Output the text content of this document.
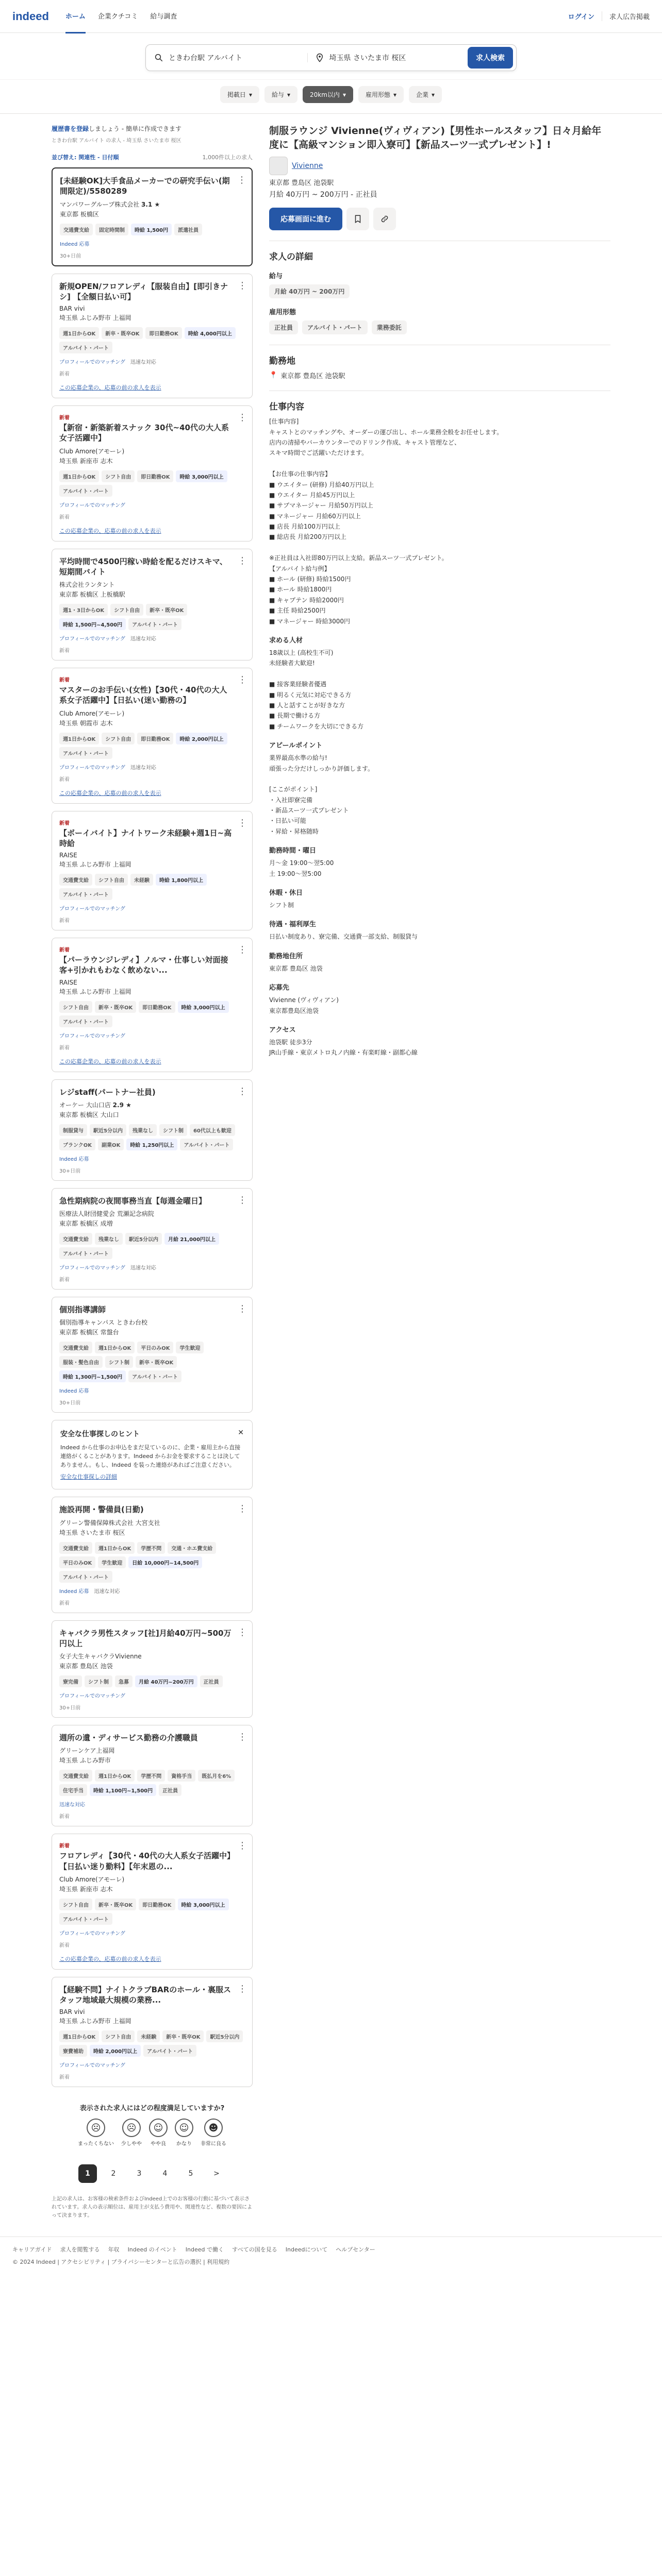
indeed ホーム 企業クチコミ 給与調査	ログイン	求人広告掲載
ときわ台駅 アルバイト
埼玉県 さいたま市 桜区
求人検索
掲載日 ▾	給与 ▾	20km以内 ▾	雇用形態 ▾	企業 ▾
履歴書を登録しましょう - 簡単に作成できます
ときわ台駅 アルバイト の求人 - 埼玉県 さいたま市 桜区
並び替え: 関連性 - 日付順	1,000件以上の求人
[未経験OK]大手食品メーカーでの研究手伝い(期間限定)/5580289
⋮
マンパワーグループ株式会社 3.1 ★
東京都 板橋区
交通費支給	固定時間制	時給 1,500円	派遣社員
Indeed 応募
30+日前
新規OPEN/フロアレディ【服装自由】[即引きナシ] 【全額日払い可】
⋮
BAR vivi
埼玉県 ふじみ野市 上福岡
週1日からOK	新卒・既卒OK	即日勤務OK	時給 4,000円以上
アルバイト・パート
プロフィールでのマッチング 迅速な対応
新着
この応募企業の、応募の前の求人を表示
新着
【新宿・新築新着スナック 30代~40代の大人系女子活躍中】
⋮
Club Amore(アモーレ)
埼玉県 新座市 志木
週1日からOK	シフト自由	即日勤務OK	時給 3,000円以上
アルバイト・パート
プロフィールでのマッチング
新着
この応募企業の、応募の前の求人を表示
平均時間で4500円稼い時給を配るだけスキマ、短期間バイト
⋮
株式会社ランタント
東京都 板橋区 上板橋駅
週1・3日からOK	シフト自由	新卒・既卒OK
時給 1,500円~4,500円	アルバイト・パート
プロフィールでのマッチング 迅速な対応
新着
新着
マスターのお手伝い(女性)【30代・40代の大人系女子活躍中】【日払い(迷い勤務の】
⋮
Club Amore(アモーレ)
埼玉県 朝霞市 志木
週1日からOK	シフト自由	即日勤務OK	時給 2,000円以上
アルバイト・パート
プロフィールでのマッチング 迅速な対応
新着
この応募企業の、応募の前の求人を表示
新着
【ボーイバイト】ナイトワーク未経験+週1日~高時給
⋮
RAISE
埼玉県 ふじみ野市 上福岡
交通費支給	シフト自由	未経験	時給 1,800円以上
アルバイト・パート
プロフィールでのマッチング
新着
新着
【パーラウンジレディ】ノルマ・仕事しい対面接客+引かれもわなく飲めない...
⋮
RAISE
埼玉県 ふじみ野市 上福岡
シフト自由	新卒・既卒OK	即日勤務OK	時給 3,000円以上
アルバイト・パート
プロフィールでのマッチング
新着
この応募企業の、応募の前の求人を表示
レジstaff(パートナー社員)	⋮
オーケー 大山口店 2.9 ★
東京都 板橋区 大山口
制服貸与	駅近5分以内	残業なし	シフト制	60代以上も歓迎
ブランクOK	副業OK	時給 1,250円以上	アルバイト・パート
Indeed 応募
30+日前
急性期病院の夜間事務当直【毎週金曜日】	⋮
医療法人財団健愛会 荒瀬記念病院
東京都 板橋区 成増
交通費支給	残業なし	駅近5分以内	月給 21,000円以上
アルバイト・パート
プロフィールでのマッチング 迅速な対応
新着
個別指導講師	⋮
個別指導キャンパス ときわ台校
東京都 板橋区 常盤台
交通費支給	週1日からOK	平日のみOK	学生歓迎
服装・髪色自由	シフト制	新卒・既卒OK
時給 1,300円~1,500円	アルバイト・パート
Indeed 応募
30+日前
安全な仕事探しのヒント	✕
Indeed から仕事のお申込をまだ見ているのに、企業・雇用主から直接連絡がくることがあります。Indeed からお金を要求することは決してありません。もし、Indeed を装った連絡があればご注意ください。
安全な仕事探しの詳細
施設再開・警備員(日勤)	⋮
グリーン警備保障株式会社 大宮支社
埼玉県 さいたま市 桜区
交通費支給	週1日からOK	学歴不問	交通・ホエ費支給
平日のみOK	学生歓迎	日給 10,000円~14,500円
アルバイト・パート
Indeed 応募 迅速な対応
新着
キャバクラ男性スタッフ[社]月給40万円~500万円以上
⋮
女子大生キャバクラVivienne
東京都 豊島区 池袋
寮完備	シフト制	急募	月給 40万円~200万円	正社員
プロフィールでのマッチング
30+日前
週所の遺・ディサービス勤務の介護職員	⋮
グリーンケア上福岡
埼玉県 ふじみ野市
交通費支給	週1日からOK	学歴不問	資格手当	既払月を6%
住宅手当	時給 1,100円~1,500円	正社員
迅速な対応
新着
新着
フロアレディ【30代・40代の大人系女子活躍中】【日払い迷り勤料】【年末恩の...
⋮
Club Amore(アモーレ)
埼玉県 新座市 志木
シフト自由	新卒・既卒OK	即日勤務OK	時給 3,000円以上
アルバイト・パート
プロフィールでのマッチング
新着
この応募企業の、応募の前の求人を表示
【経験不問】ナイトクラブBARのホール・裏服スタッフ地域最大規模の業務...
⋮
BAR vivi
埼玉県 ふじみ野市 上福岡
週1日からOK	シフト自由	未経験	新卒・既卒OK	駅近5分以内
寮費補助	時給 2,000円以上	アルバイト・パート
プロフィールでのマッチング
新着
表示された求人にはどの程度満足していますか?
☹
まったくちない
☹
少しやや
☺
やや良
☺
かなり
☻
非常に良る
1	2	3	4	5	>
上記の求人は、お客様の検索条件およびIndeed上でのお客様の行動に基づいて表示されています。求人の表示順位は、雇用主が支払う費用や、関連性など、複数の要因によって決まります。
制服ラウンジ Vivienne(ヴィヴィアン)【男性ホールスタッフ】日々月給年度に【高級マンション即入寮可】【新品スーツ一式プレゼント】!
Vivienne
東京都 豊島区 池袋駅
月給 40万円 ~ 200万円 - 正社員
応募画面に進む
求人の詳細
給与
月給 40万円 ~ 200万円
雇用形態
正社員	アルバイト・パート	業務委託
勤務地
📍 東京都 豊島区 池袋駅
仕事内容
[仕事内容]
キャストとのマッチングや、オーダーの運び出し、ホール業務全般をお任せします。
店内の清掃やバーカウンターでのドリンク作成、キャスト管理など、
スキマ時間でご活躍いただけます。

【お仕事の仕事内容】
■ ウエイター (研修) 月給40万円以上
■ ウエイター 月給45万円以上
■ サブマネージャー 月給50万円以上
■ マネージャー 月給60万円以上
■ 店長 月給100万円以上
■ 総店長 月給200万円以上

※正社員は入社即80万円以上支給。新品スーツ一式プレゼント。
【アルバイト給与例】
■ ホール (研修) 時給1500円
■ ホール 時給1800円
■ キャプテン 時給2000円
■ 主任 時給2500円
■ マネージャー 時給3000円
求める人材
18歳以上 (高校生不可)
未経験者大歓迎!

■ 接客業経験者優遇
■ 明るく元気に対応できる方
■ 人と話すことが好きな方
■ 長期で働ける方
■ チームワークを大切にできる方
アピールポイント
業界最高水準の給与!
頑張った分だけしっかり評価します。

[ここがポイント]
・入社即寮完備
・新品スーツ一式プレゼント
・日払い可能
・昇給・昇格随時
勤務時間・曜日
月～金 19:00～翌5:00
土 19:00～翌5:00
休暇・休日
シフト制
待遇・福利厚生
日払い制度あり、寮完備、交通費一部支給、制服貸与
勤務地住所
東京都 豊島区 池袋
応募先
Vivienne (ヴィヴィアン)
東京都豊島区池袋
アクセス
池袋駅 徒歩3分
JR山手線・東京メトロ丸ノ内線・有楽町線・副都心線
キャリアガイド 求人を閲覧する 年収 Indeed のイベント Indeed で働く すべての国を見る Indeedについて ヘルプセンター
© 2024 Indeed | アクセシビリティ | プライバシーセンターと広告の選択 | 利用規約
